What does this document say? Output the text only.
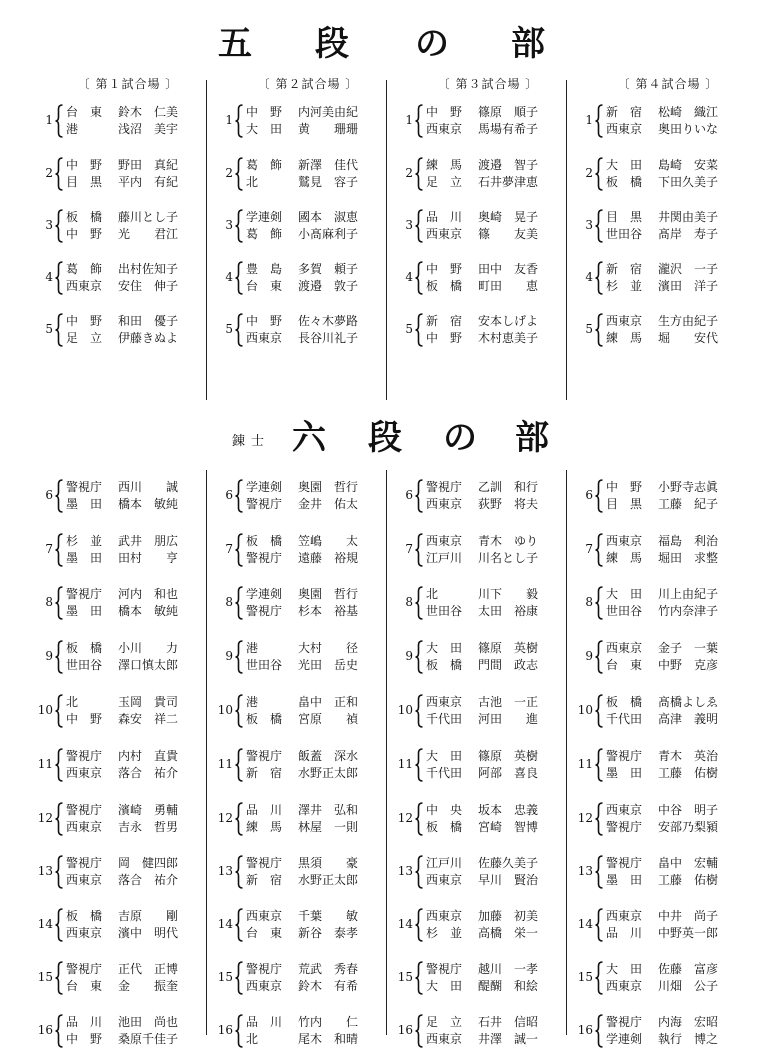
五 段 の 部
錬士 六 段 の 部
〔 第１試合場 〕	〔 第２試合場 〕	〔 第３試合場 〕	〔 第４試合場 〕
1
台　東	鈴木　仁美
港	浅沼　美宇
2
中　野	野田　真紀
目　黒	平内　有紀
3
板　橋	藤川とし子
中　野	光　　君江
4
葛　飾	出村佐知子
西東京	安住　伸子
5
中　野	和田　優子
足　立	伊藤きぬよ
1
中　野	内河美由紀
大　田	黄　　珊珊
2
葛　飾	新澤　佳代
北	鷲見　容子
3
学連剣	國本　淑恵
葛　飾	小髙麻利子
4
豊　島	多賀　頼子
台　東	渡邉　敦子
5
中　野	佐々木夢路
西東京	長谷川礼子
1
中　野	篠原　順子
西東京	馬場有希子
2
練　馬	渡邉　智子
足　立	石井夢津恵
3
品　川	奥崎　晃子
西東京	篠　　友美
4
中　野	田中　友香
板　橋	町田　　恵
5
新　宿	安本しげよ
中　野	木村恵美子
1
新　宿	松崎　織江
西東京	奥田りいな
2
大　田	島崎　安菜
板　橋	下田久美子
3
目　黒	井関由美子
世田谷	髙岸　寿子
4
新　宿	瀧沢　一子
杉　並	濱田　洋子
5
西東京	生方由紀子
練　馬	堀　　安代
6
警視庁	西川　　誠
墨　田	橋本　敏純
7
杉　並	武井　朋広
墨　田	田村　　亨
8
警視庁	河内　和也
墨　田	橋本　敏純
9
板　橋	小川　　力
世田谷	澤口慎太郎
10
北	玉岡　貴司
中　野	森安　祥二
11
警視庁	内村　直貴
西東京	落合　祐介
12
警視庁	濱崎　勇輔
西東京	吉永　哲男
13
警視庁	岡　健四郎
西東京	落合　祐介
14
板　橋	吉原　　剛
西東京	濱中　明代
15
警視庁	正代　正博
台　東	金　　振奎
16
品　川	池田　尚也
中　野	桑原千佳子
6
学連剣	奥園　哲行
警視庁	金井　佑太
7
板　橋	笠嶋　　太
警視庁	遠藤　裕規
8
学連剣	奥園　哲行
警視庁	杉本　裕基
9
港	大村　　径
世田谷	光田　岳史
10
港	畠中　正和
板　橋	宮原　　禎
11
警視庁	飯蓋　深水
新　宿	水野正太郎
12
品　川	澤井　弘和
練　馬	林屋　一則
13
警視庁	黒須　　豪
新　宿	水野正太郎
14
西東京	千葉　　敏
台　東	新谷　泰孝
15
警視庁	荒武　秀春
西東京	鈴木　有希
16
品　川	竹内　　仁
北	尾木　和晴
6
警視庁	乙訓　和行
西東京	荻野　将夫
7
西東京	青木　ゆり
江戸川	川名とし子
8
北	川下　　毅
世田谷	太田　裕康
9
大　田	篠原　英樹
板　橋	門間　政志
10
西東京	古池　一正
千代田	河田　　進
11
大　田	篠原　英樹
千代田	阿部　喜良
12
中　央	坂本　忠義
板　橋	宮崎　智博
13
江戸川	佐藤久美子
西東京	早川　賢治
14
西東京	加藤　初美
杉　並	高橋　栄一
15
警視庁	越川　一孝
大　田	醍醐　和絵
16
足　立	石井　信昭
西東京	井澤　誠一
6
中　野	小野寺志眞
目　黒	工藤　紀子
7
西東京	福島　利治
練　馬	堀田　求整
8
大　田	川上由紀子
世田谷	竹内奈津子
9
西東京	金子　一葉
台　東	中野　克彦
10
板　橋	髙橋よしゑ
千代田	高津　義明
11
警視庁	青木　英治
墨　田	工藤　佑樹
12
西東京	中谷　明子
警視庁	安部乃梨潁
13
警視庁	畠中　宏輔
墨　田	工藤　佑樹
14
西東京	中井　尚子
品　川	中野英一郎
15
大　田	佐藤　富彦
西東京	川畑　公子
16
警視庁	内海　宏昭
学連剣	執行　博之
